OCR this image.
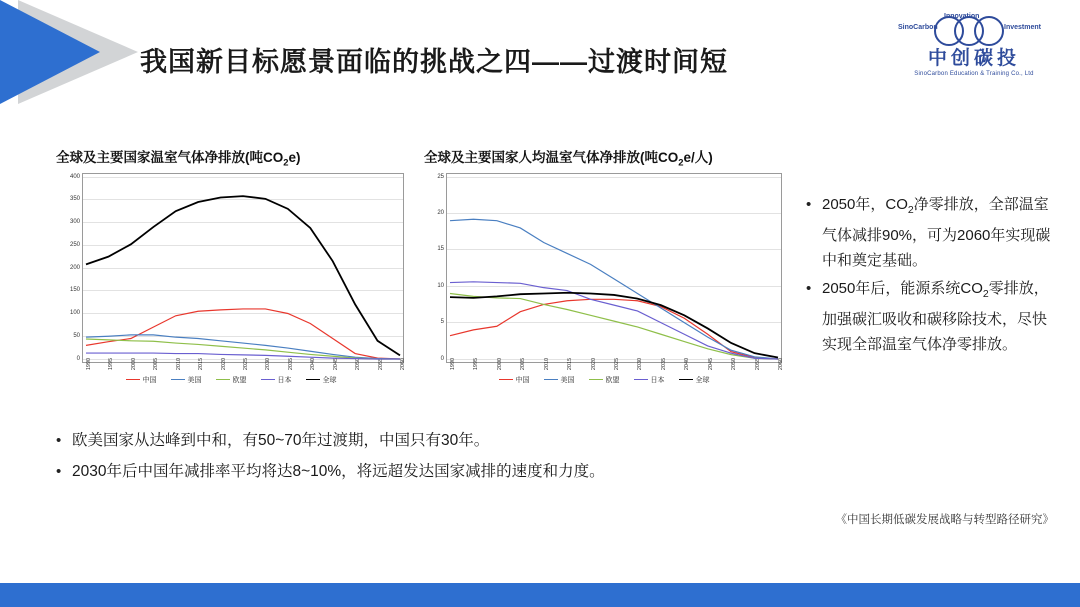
我国新目标愿景面临的挑战之四——过渡时间短
SinoCarbon
Innovation
Investment
中创碳投
SinoCarbon Education & Training Co., Ltd
全球及主要国家温室气体净排放(吨$CO_2e$)
0
50
100
150
200
250
300
350
400
1990	1995	2000	2005	2010	2015	2020	2025	2030	2035	2040	2045	2050	2055	2060
中国	美国	欧盟	日本	全球
全球及主要国家人均温室气体净排放(吨$CO_2e/$人)
0
5
10
15
20
25
1990	1995	2000	2005	2010	2015	2020	2025	2030	2035	2040	2045	2050	2055	2060
中国	美国	欧盟	日本	全球
• 2050年，$CO_2$净零排放，全部温室气体减排90%，可为2060年实现碳中和奠定基础。
• 2050年后，能源系统$CO_2$零排放，加强碳汇吸收和碳移除技术，尽快实现全部温室气体净零排放。
• 欧美国家从达峰到中和，有50~70年过渡期，中国只有30年。
• 2030年后中国年减排率平均将达8~10%，将远超发达国家减排的速度和力度。
《中国长期低碳发展战略与转型路径研究》
